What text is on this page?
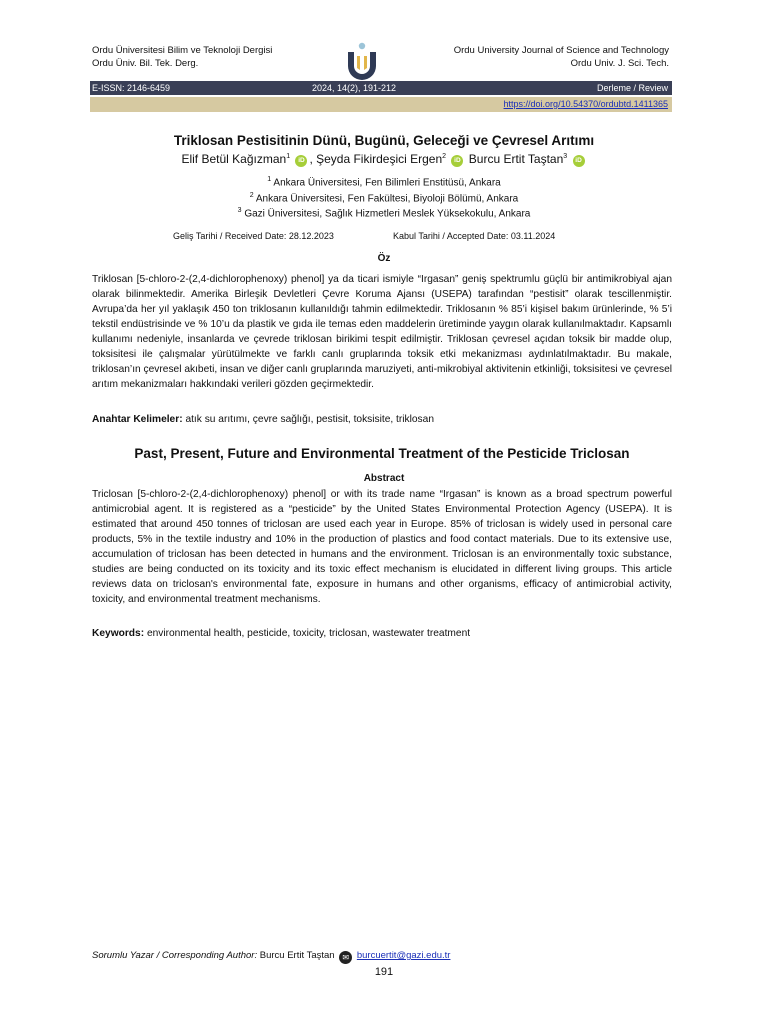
Ordu Üniversitesi Bilim ve Teknoloji Dergisi
Ordu Üniv. Bil. Tek. Derg.
Ordu University Journal of Science and Technology
Ordu Univ. J. Sci. Tech.
E-ISSN: 2146-6459	2024, 14(2), 191-212	Derleme / Review
https://doi.org/10.54370/ordubtd.1411365
Triklosan Pestisitinin Dünü, Bugünü, Geleceği ve Çevresel Arıtımı
Elif Betül Kağızman$^1$ iD , Şeyda Fikirdeşici Ergen$^2$ iD Burcu Ertit Taştan$^3$ iD
$^1$ Ankara Üniversitesi, Fen Bilimleri Enstitüsü, Ankara
$^2$ Ankara Üniversitesi, Fen Fakültesi, Biyoloji Bölümü, Ankara
$^3$ Gazi Üniversitesi, Sağlık Hizmetleri Meslek Yüksekokulu, Ankara
Geliş Tarihi / Received Date: 28.12.2023	Kabul Tarihi / Accepted Date: 03.11.2024
Öz

Triklosan [5-chloro-2-(2,4-dichlorophenoxy) phenol] ya da ticari ismiyle “Irgasan” geniş spektrumlu güçlü bir antimikrobiyal ajan olarak bilinmektedir. Amerika Birleşik Devletleri Çevre Koruma Ajansı (USEPA) tarafından “pestisit” olarak tescillenmiştir. Avrupa’da her yıl yaklaşık 450 ton triklosanın kullanıldığı tahmin edilmektedir. Triklosanın % 85’i kişisel bakım ürünlerinde, % 5’i tekstil endüstrisinde ve % 10’u da plastik ve gıda ile temas eden maddelerin üretiminde yaygın olarak kullanılmaktadır. Kapsamlı kullanımı nedeniyle, insanlarda ve çevrede triklosan birikimi tespit edilmiştir. Triklosan çevresel açıdan toksik bir madde olup, toksisitesi ile çalışmalar yürütülmekte ve farklı canlı gruplarında toksik etki mekanizması aydınlatılmaktadır. Bu makale, triklosan’ın çevresel akıbeti, insan ve diğer canlı gruplarında maruziyeti, anti-mikrobiyal aktivitenin etkinliği, toksisitesi ve çevresel arıtım mekanizmaları hakkındaki verileri gözden geçirmektedir.

Anahtar Kelimeler: atık su arıtımı, çevre sağlığı, pestisit, toksisite, triklosan
Past, Present, Future and Environmental Treatment of the Pesticide Triclosan
Abstract

Triclosan [5-chloro-2-(2,4-dichlorophenoxy) phenol] or with its trade name “Irgasan” is known as a broad spectrum powerful antimicrobial agent. It is registered as a “pesticide” by the United States Environmental Protection Agency (USEPA). It is estimated that around 450 tonnes of triclosan are used each year in Europe. 85% of triclosan is widely used in personal care products, 5% in the textile industry and 10% in the production of plastics and food contact materials. Due to its extensive use, accumulation of triclosan has been detected in humans and the environment. Triclosan is an environmentally toxic substance, studies are being conducted on its toxicity and its toxic effect mechanism is elucidated in different living groups. This article reviews data on triclosan's environmental fate, exposure in humans and other organisms, efficacy of antimicrobial activity, toxicity, and environmental treatment mechanisms.

Keywords: environmental health, pesticide, toxicity, triclosan, wastewater treatment
Sorumlu Yazar / Corresponding Author: Burcu Ertit Taştan ✉ burcuertit@gazi.edu.tr
191
